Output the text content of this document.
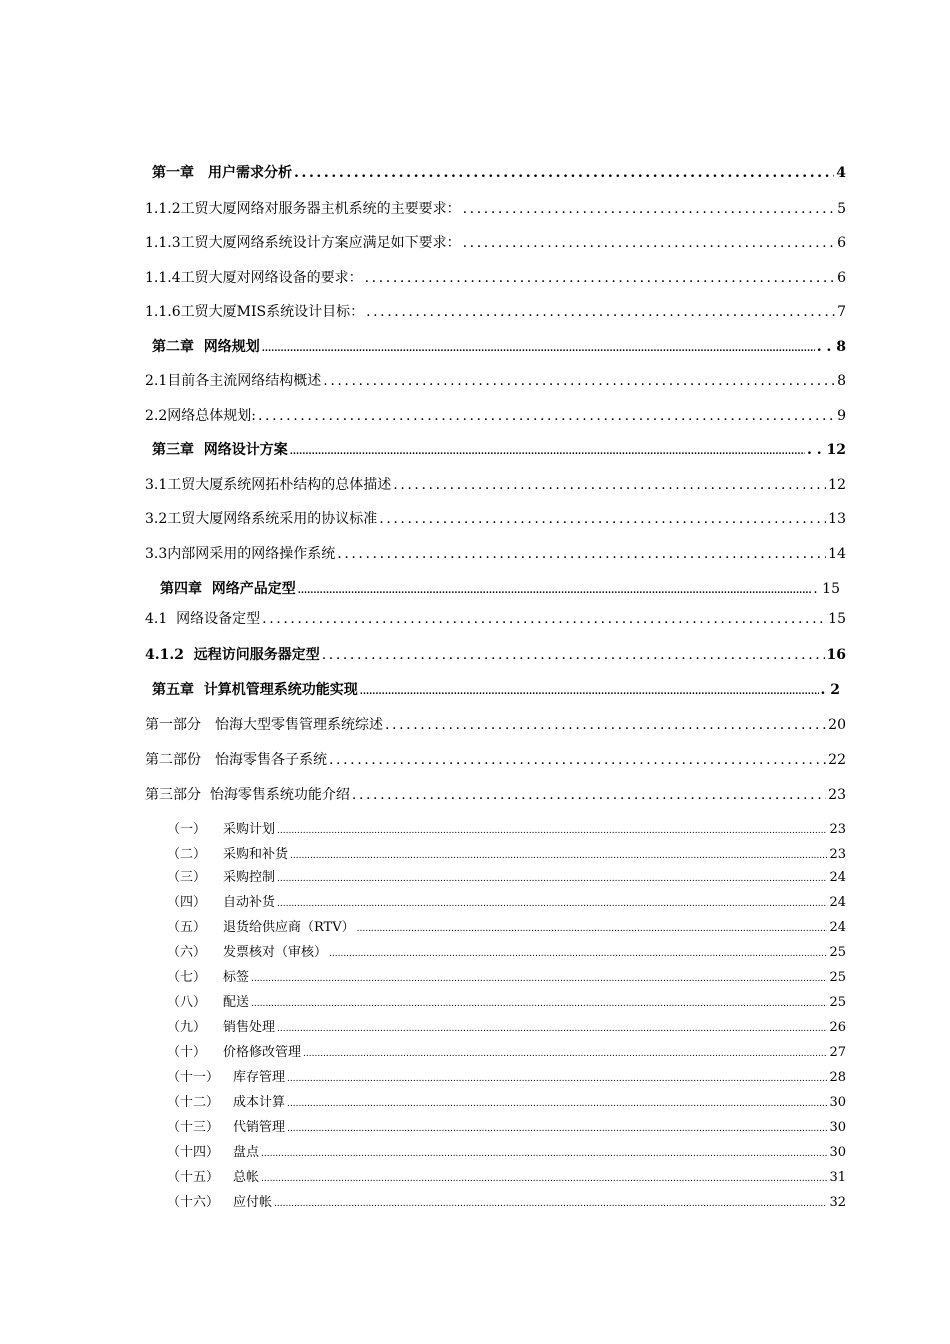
第一章　用户需求分析 .....	4
1.1.2工贸大厦网络对服务器主机系统的主要要求： .....	5
1.1.3工贸大厦网络系统设计方案应满足如下要求： .....	6
1.1.4工贸大厦对网络设备的要求： .....	6
1.1.6工贸大厦MIS系统设计目标： .....	7
第二章  网络规划 .....	. . 8
2.1目前各主流网络结构概述 .....	8
2.2网络总体规划: .....	9
第三章  网络设计方案 .....	. . 12
3.1工贸大厦系统网拓朴结构的总体描述 .....	12
3.2工贸大厦网络系统采用的协议标准 .....	13
3.3内部网采用的网络操作系统 .....	14
第四章  网络产品定型 .....	. 15
4.1  网络设备定型 .....	15
4.1.2  远程访问服务器定型 .....	16
第五章  计算机管理系统功能实现 .....	. 2
第一部分　怡海大型零售管理系统综述 .....	20
第二部份　怡海零售各子系统 .....	22
第三部分  怡海零售系统功能介绍 .....	23
（一） 采购计划 .....	23
（二） 采购和补货 .....	23
（三） 采购控制 .....	24
（四） 自动补货 .....	24
（五） 退货给供应商（RTV） .....	24
（六） 发票核对（审核） .....	25
（七） 标签 .....	25
（八） 配送 .....	25
（九） 销售处理 .....	26
（十） 价格修改管理 .....	27
（十一） 库存管理 .....	28
（十二） 成本计算 .....	30
（十三） 代销管理 .....	30
（十四） 盘点 .....	30
（十五） 总帐 .....	31
（十六） 应付帐 .....	32
